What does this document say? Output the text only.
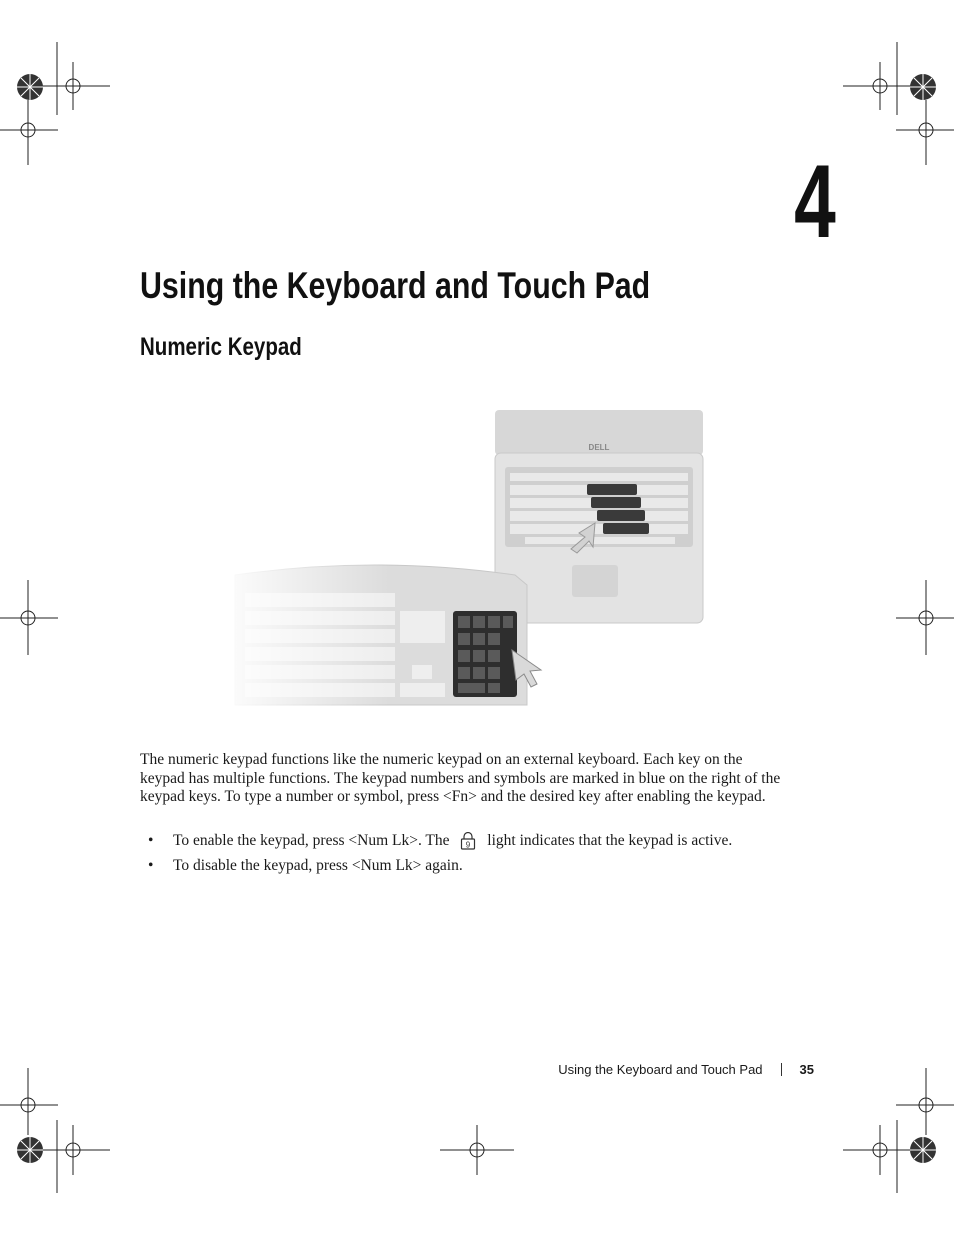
4
Using the Keyboard and Touch Pad
Numeric Keypad

The numeric keypad functions like the numeric keypad on an external keyboard. Each key on the keypad has multiple functions. The keypad numbers and symbols are marked in blue on the right of the keypad keys. To type a number or symbol, press <Fn> and the desired key after enabling the keypad.

• To enable the keypad, press <Num Lk>. The 9 light indicates that the keypad is active.
• To disable the keypad, press <Num Lk> again.
Using the Keyboard and Touch Pad	35
